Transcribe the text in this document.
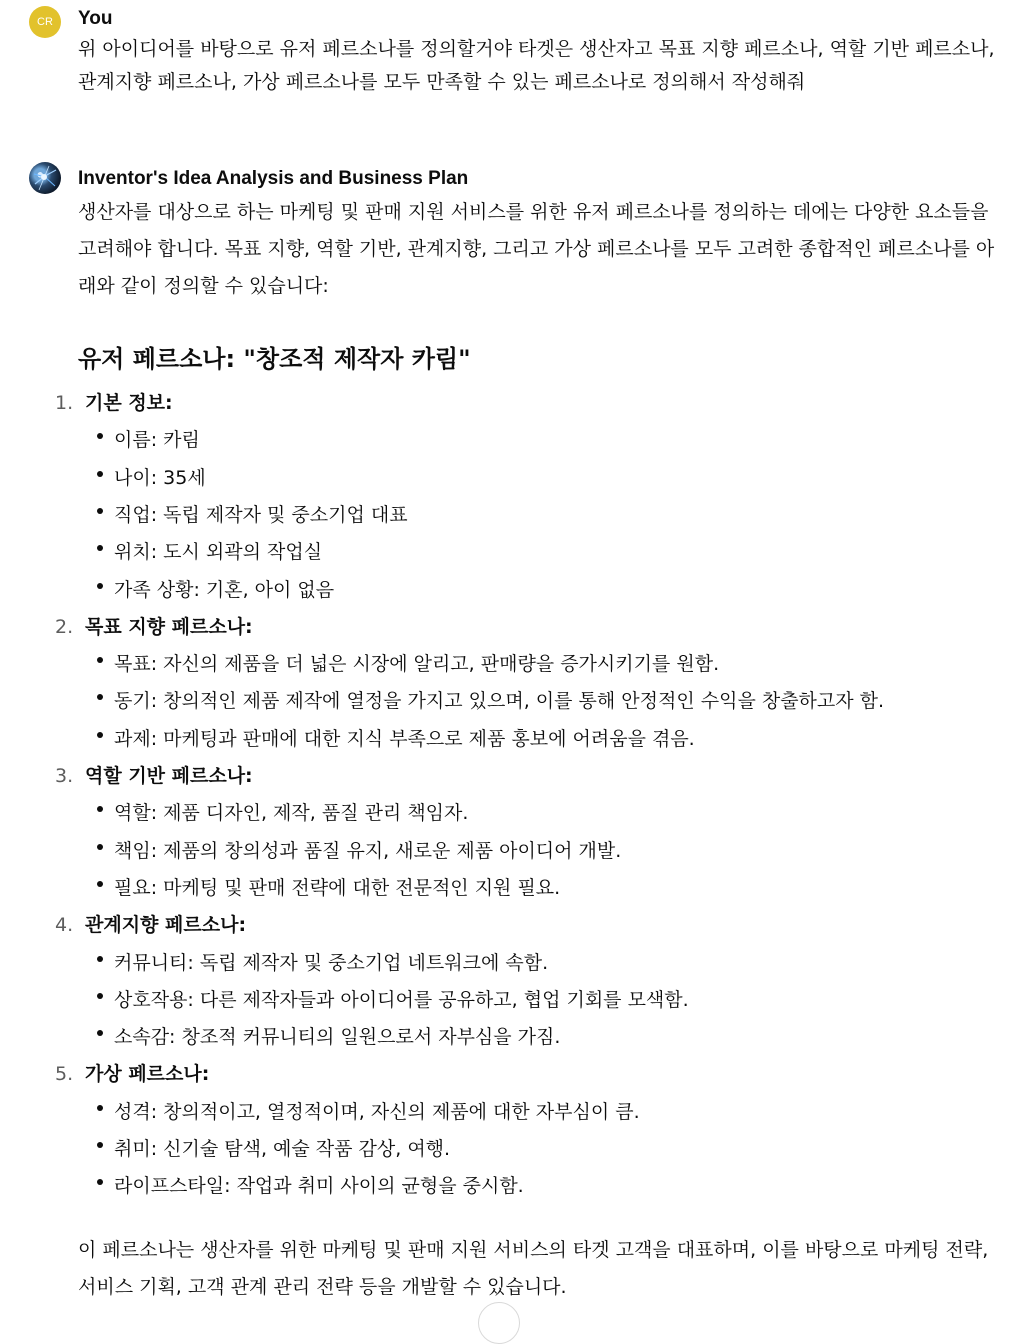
CR	You

위 아이디어를 바탕으로 유저 페르소나를 정의할거야 타겟은 생산자고 목표 지향 페르소나, 역할 기반 페르소나, 관계지향 페르소나, 가상 페르소나를 모두 만족할 수 있는 페르소나로 정의해서 작성해줘

Inventor's Idea Analysis and Business Plan

생산자를 대상으로 하는 마케팅 및 판매 지원 서비스를 위한 유저 페르소나를 정의하는 데에는 다양한 요소들을 고려해야 합니다. 목표 지향, 역할 기반, 관계지향, 그리고 가상 페르소나를 모두 고려한 종합적인 페르소나를 아래와 같이 정의할 수 있습니다:

유저 페르소나: "창조적 제작자 카림"
1. 기본 정보:
이름: 카림
나이: 35세
직업: 독립 제작자 및 중소기업 대표
위치: 도시 외곽의 작업실
가족 상황: 기혼, 아이 없음
2. 목표 지향 페르소나:
목표: 자신의 제품을 더 넓은 시장에 알리고, 판매량을 증가시키기를 원함.
동기: 창의적인 제품 제작에 열정을 가지고 있으며, 이를 통해 안정적인 수익을 창출하고자 함.
과제: 마케팅과 판매에 대한 지식 부족으로 제품 홍보에 어려움을 겪음.
3. 역할 기반 페르소나:
역할: 제품 디자인, 제작, 품질 관리 책임자.
책임: 제품의 창의성과 품질 유지, 새로운 제품 아이디어 개발.
필요: 마케팅 및 판매 전략에 대한 전문적인 지원 필요.
4. 관계지향 페르소나:
커뮤니티: 독립 제작자 및 중소기업 네트워크에 속함.
상호작용: 다른 제작자들과 아이디어를 공유하고, 협업 기회를 모색함.
소속감: 창조적 커뮤니티의 일원으로서 자부심을 가짐.
5. 가상 페르소나:
성격: 창의적이고, 열정적이며, 자신의 제품에 대한 자부심이 큼.
취미: 신기술 탐색, 예술 작품 감상, 여행.
라이프스타일: 작업과 취미 사이의 균형을 중시함.

이 페르소나는 생산자를 위한 마케팅 및 판매 지원 서비스의 타겟 고객을 대표하며, 이를 바탕으로 마케팅 전략, 서비스 기획, 고객 관계 관리 전략 등을 개발할 수 있습니다.
